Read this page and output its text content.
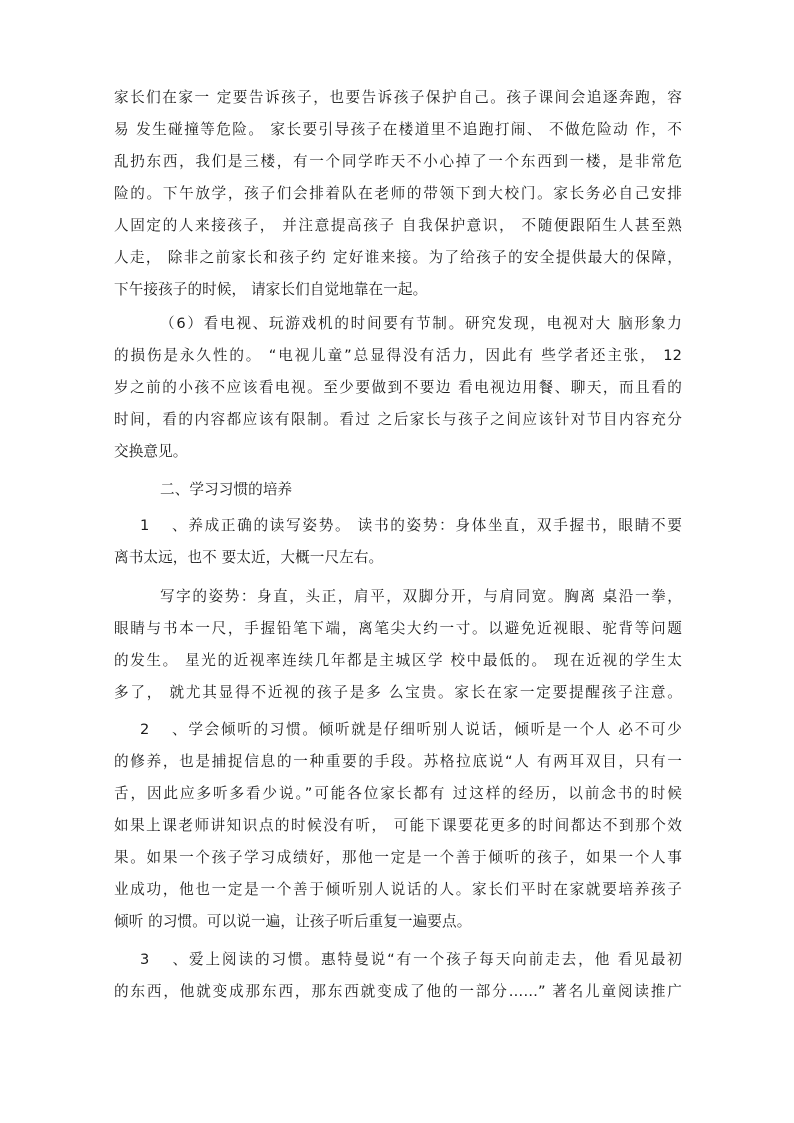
家长们在家一 定要告诉孩子，也要告诉孩子保护自己。孩子课间会追逐奔跑，容
易 发生碰撞等危险。 家长要引导孩子在楼道里不追跑打闹、 不做危险动 作，不
乱扔东西，我们是三楼，有一个同学昨天不小心掉了一个东西到一楼，是非常危
险的。下午放学，孩子们会排着队在老师的带领下到大校门。家长务必自己安排
人固定的人来接孩子， 并注意提高孩子 自我保护意识， 不随便跟陌生人甚至熟
人走， 除非之前家长和孩子约 定好谁来接。为了给孩子的安全提供最大的保障，
下午接孩子的时候， 请家长们自觉地靠在一起。
（6）看电视、玩游戏机的时间要有节制。研究发现，电视对大 脑形象力
的损伤是永久性的。 “电视儿童”总显得没有活力，因此有 些学者还主张， 12
岁之前的小孩不应该看电视。至少要做到不要边 看电视边用餐、聊天，而且看的
时间，看的内容都应该有限制。看过 之后家长与孩子之间应该针对节目内容充分
交换意见。
二、学习习惯的培养
1 　、养成正确的读写姿势。 读书的姿势：身体坐直，双手握书，眼睛不要
离书太远，也不 要太近，大概一尺左右。
写字的姿势：身直，头正，肩平，双脚分开，与肩同宽。胸离 桌沿一拳，
眼睛与书本一尺，手握铅笔下端，离笔尖大约一寸。以避免近视眼、驼背等问题
的发生。 星光的近视率连续几年都是主城区学 校中最低的。 现在近视的学生太
多了， 就尤其显得不近视的孩子是多 么宝贵。家长在家一定要提醒孩子注意。
2 　、学会倾听的习惯。倾听就是仔细听别人说话，倾听是一个人 必不可少
的修养，也是捕捉信息的一种重要的手段。苏格拉底说“人 有两耳双目，只有一
舌，因此应多听多看少说。”可能各位家长都有 过这样的经历，以前念书的时候
如果上课老师讲知识点的时候没有听， 可能下课要花更多的时间都达不到那个效
果。如果一个孩子学习成绩好，那他一定是一个善于倾听的孩子，如果一个人事
业成功，他也一定是一个善于倾听别人说话的人。家长们平时在家就要培养孩子
倾听 的习惯。可以说一遍，让孩子听后重复一遍要点。
3 　、爱上阅读的习惯。惠特曼说“有一个孩子每天向前走去，他 看见最初
的东西，他就变成那东西，那东西就变成了他的一部分……” 著名儿童阅读推广
